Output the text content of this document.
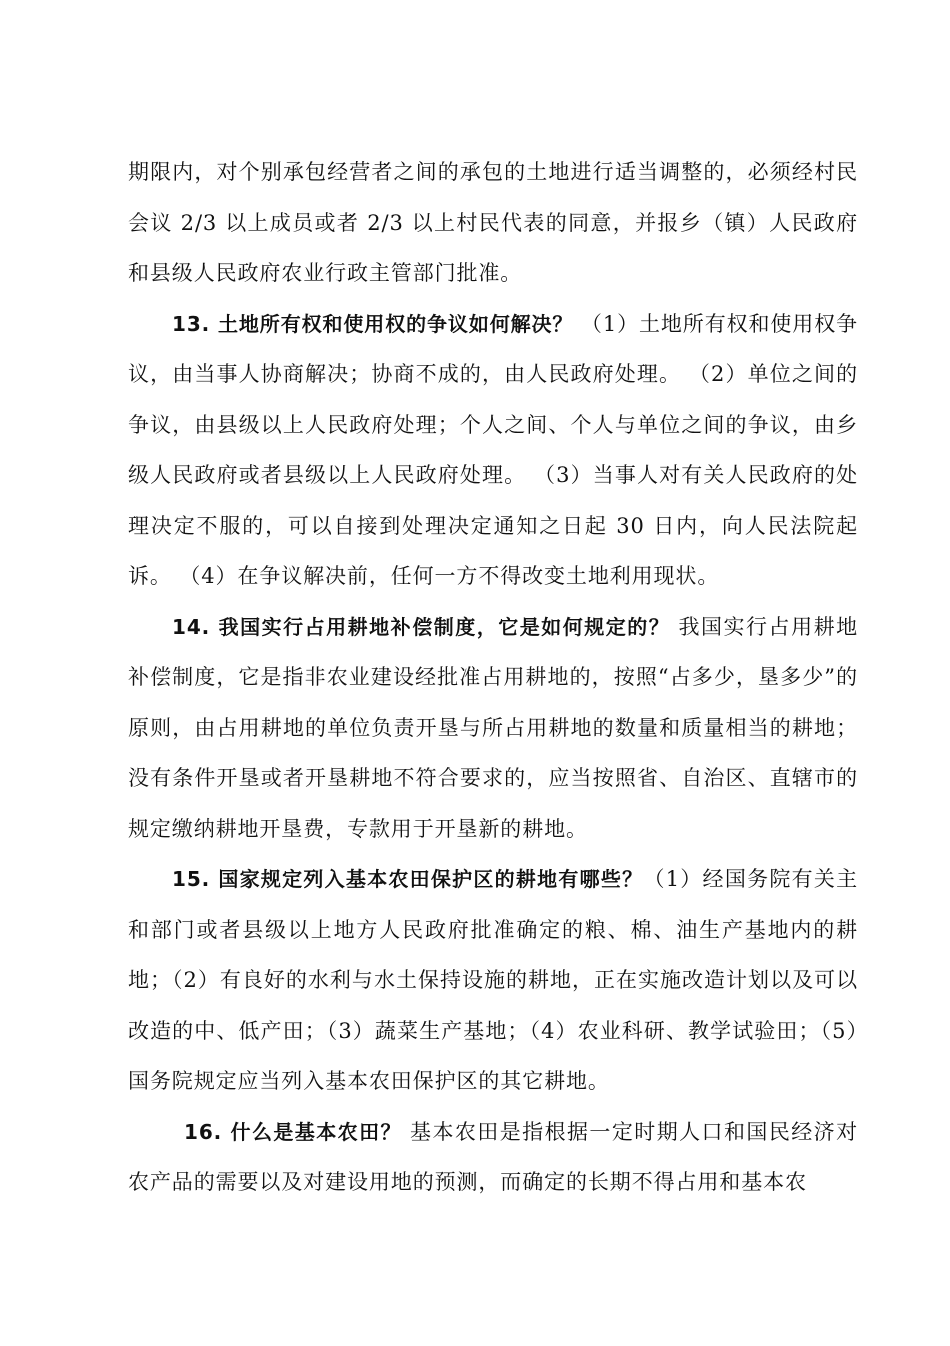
期限内，对个别承包经营者之间的承包的土地进行适当调整的，必须经村民会议 2/3 以上成员或者 2/3 以上村民代表的同意，并报乡（镇）人民政府和县级人民政府农业行政主管部门批准。

13. 土地所有权和使用权的争议如何解决？ （1）土地所有权和使用权争议，由当事人协商解决；协商不成的，由人民政府处理。 （2）单位之间的争议，由县级以上人民政府处理；个人之间、个人与单位之间的争议，由乡级人民政府或者县级以上人民政府处理。 （3）当事人对有关人民政府的处理决定不服的，可以自接到处理决定通知之日起 30 日内，向人民法院起诉。 （4）在争议解决前，任何一方不得改变土地利用现状。

14. 我国实行占用耕地补偿制度，它是如何规定的？ 我国实行占用耕地补偿制度，它是指非农业建设经批准占用耕地的，按照“占多少，垦多少”的原则，由占用耕地的单位负责开垦与所占用耕地的数量和质量相当的耕地；没有条件开垦或者开垦耕地不符合要求的，应当按照省、自治区、直辖市的规定缴纳耕地开垦费，专款用于开垦新的耕地。

15. 国家规定列入基本农田保护区的耕地有哪些？（1）经国务院有关主和部门或者县级以上地方人民政府批准确定的粮、棉、油生产基地内的耕地；（2）有良好的水利与水土保持设施的耕地，正在实施改造计划以及可以改造的中、低产田；（3）蔬菜生产基地；（4）农业科研、教学试验田；（5）国务院规定应当列入基本农田保护区的其它耕地。

16. 什么是基本农田？ 基本农田是指根据一定时期人口和国民经济对农产品的需要以及对建设用地的预测，而确定的长期不得占用和基本农
